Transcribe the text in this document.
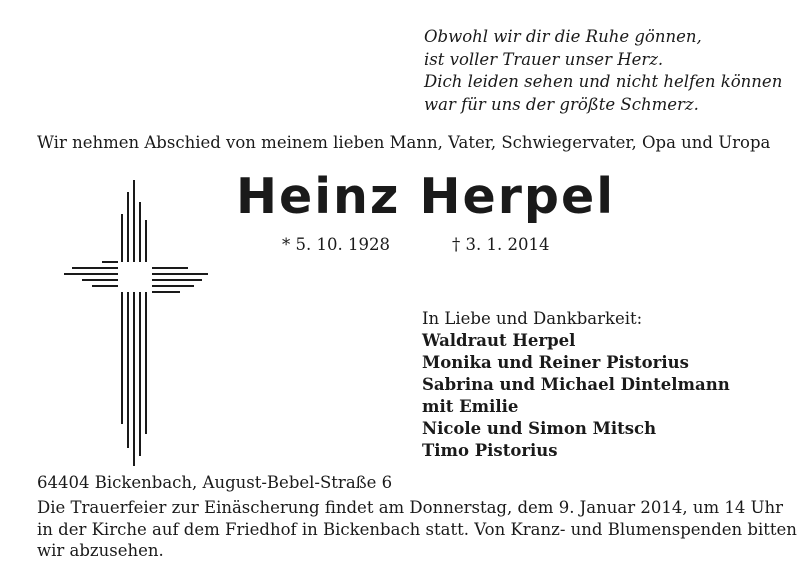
Obwohl wir dir die Ruhe gönnen,
ist voller Trauer unser Herz.
Dich leiden sehen und nicht helfen können
war für uns der größte Schmerz.
Wir nehmen Abschied von meinem lieben Mann, Vater, Schwiegervater, Opa und Uropa
Heinz Herpel
* 5. 10. 1928	† 3. 1. 2014
In Liebe und Dankbarkeit:
Waldraut Herpel
Monika und Reiner Pistorius
Sabrina und Michael Dintelmann
mit Emilie
Nicole und Simon Mitsch
Timo Pistorius
64404 Bickenbach, August-Bebel-Straße 6
Die Trauerfeier zur Einäscherung findet am Donnerstag, dem 9. Januar 2014, um 14 Uhr
in der Kirche auf dem Friedhof in Bickenbach statt. Von Kranz- und Blumenspenden bitten
wir abzusehen.
